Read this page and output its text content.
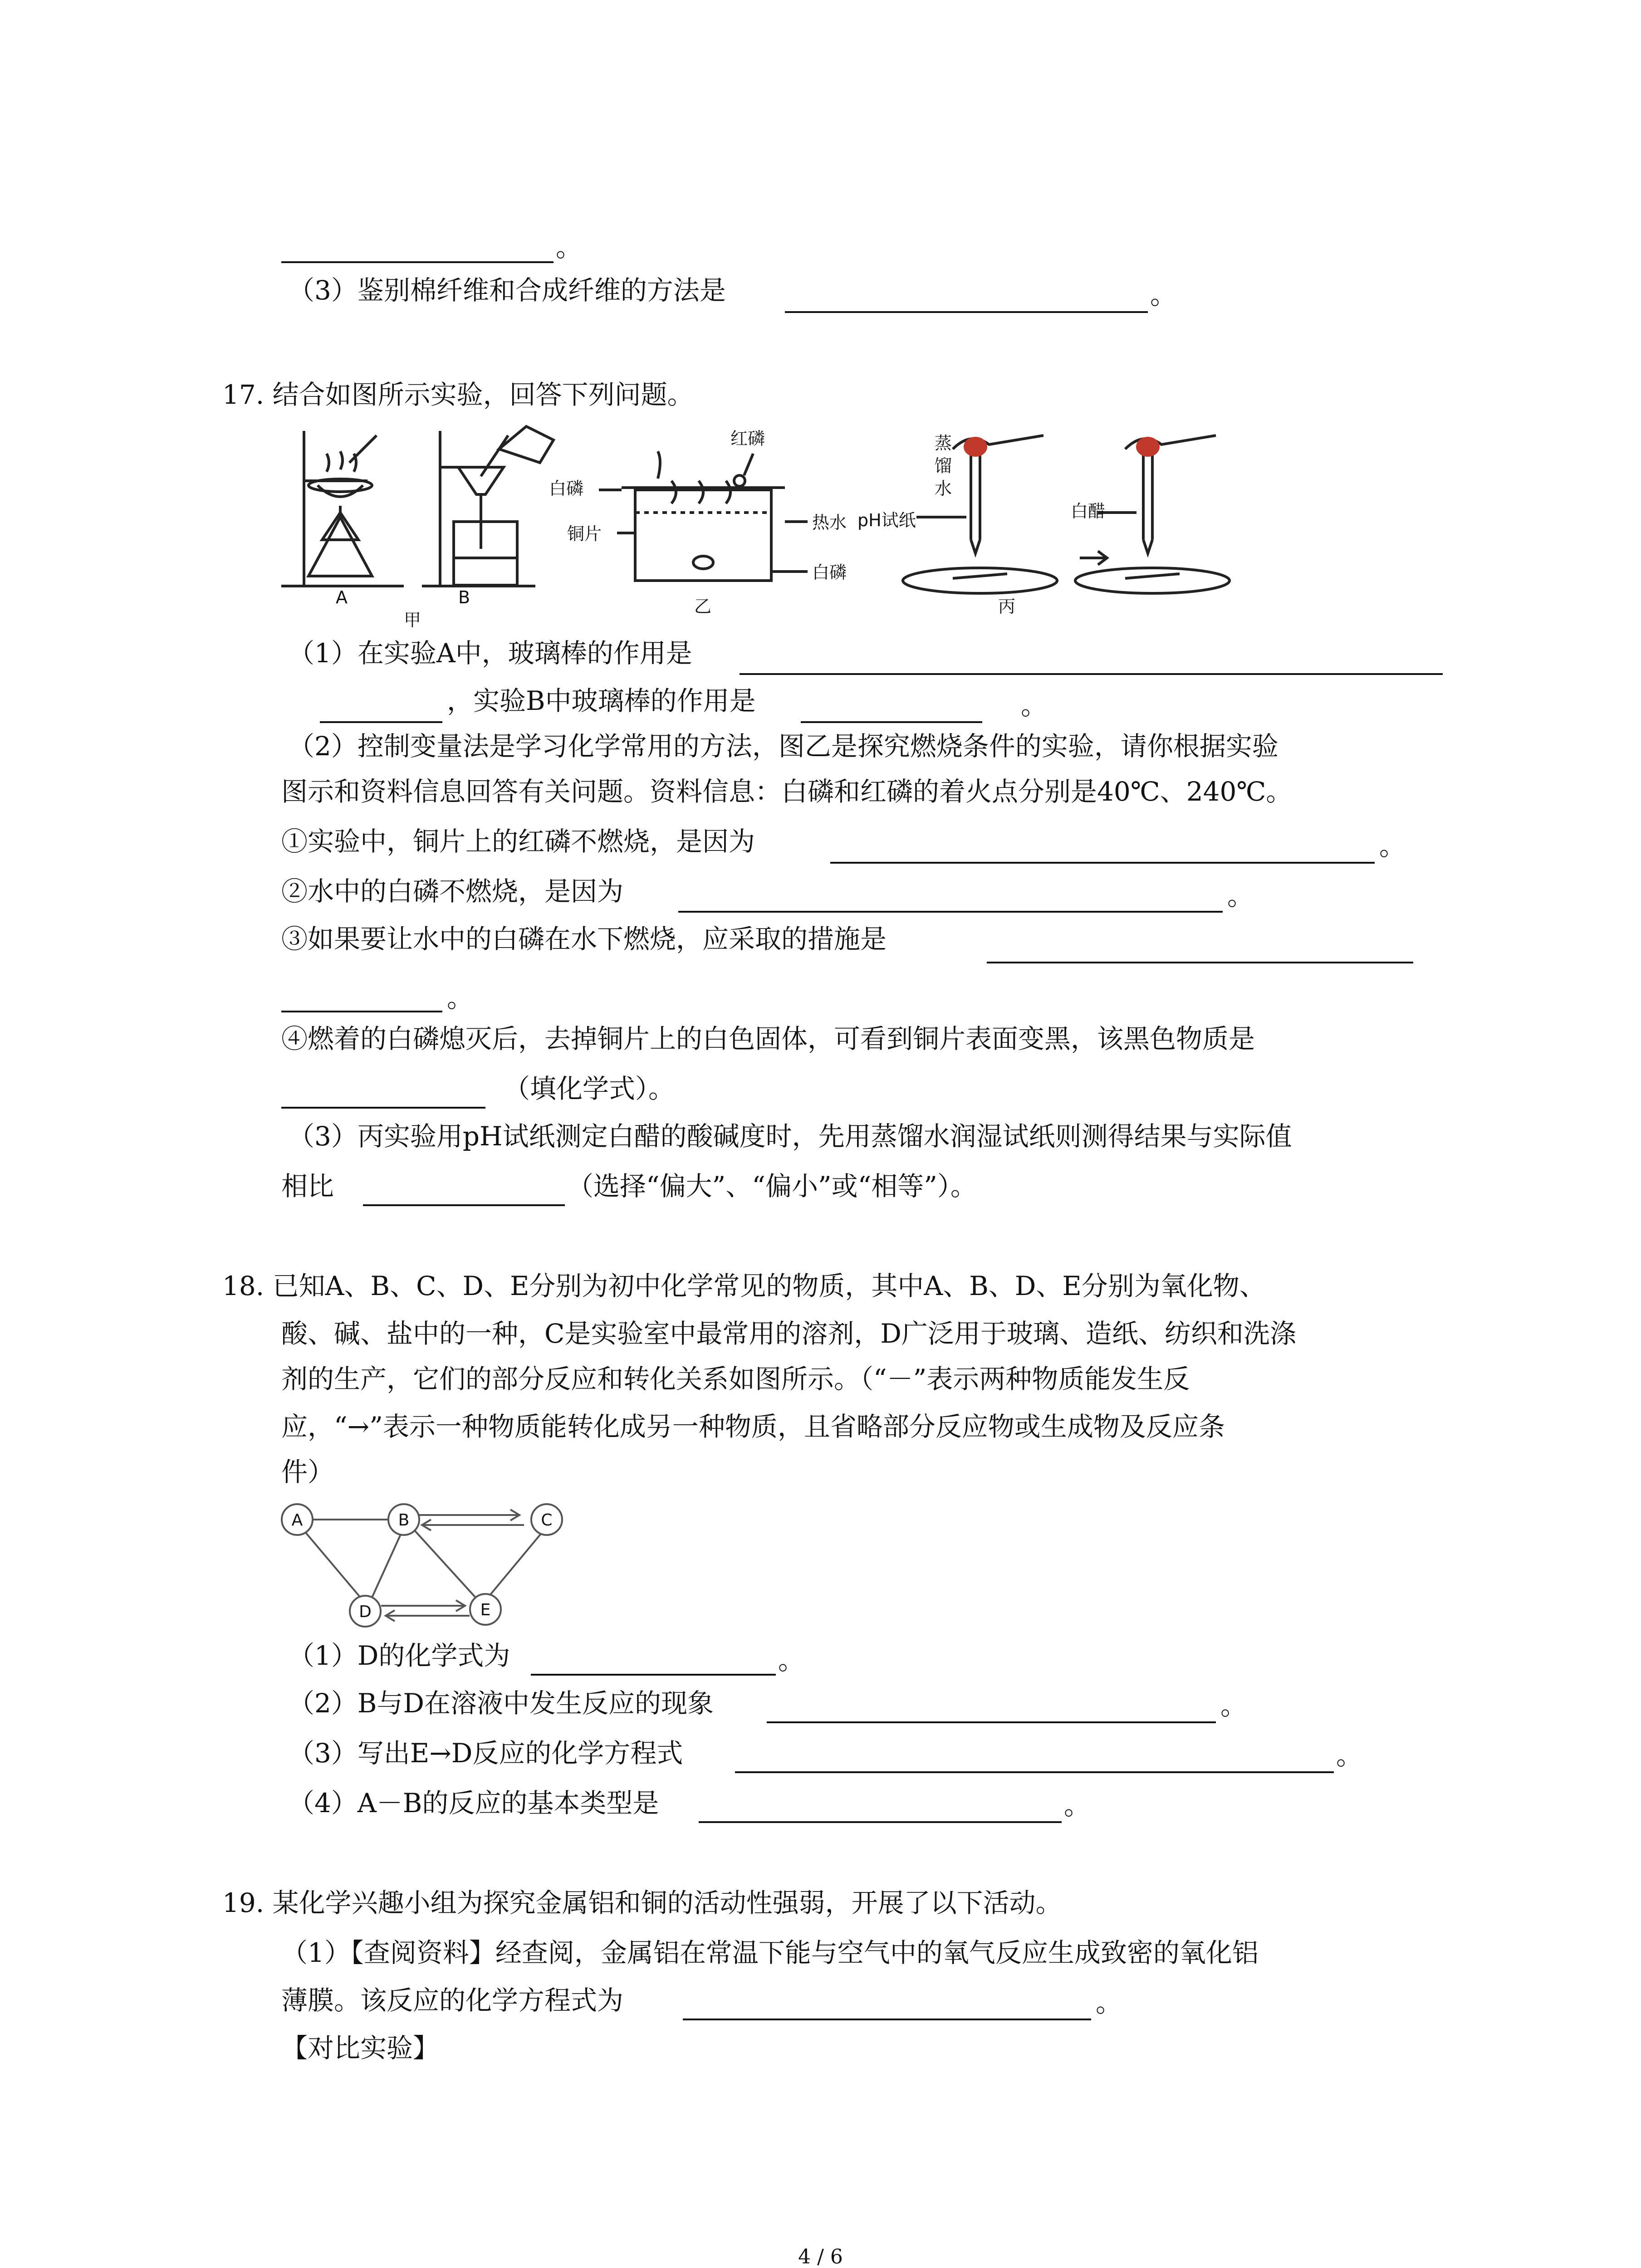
。
（3）鉴别棉纤维和合成纤维的方法是	。
17. 结合如图所示实验，回答下列问题。
A	B
甲
乙	丙
红磷
白磷
铜片
热水
白磷
蒸
馏
水
pH试纸	白醋
（1）在实验A中，玻璃棒的作用是
，实验B中玻璃棒的作用是	。
（2）控制变量法是学习化学常用的方法，图乙是探究燃烧条件的实验，请你根据实验
图示和资料信息回答有关问题。资料信息：白磷和红磷的着火点分别是40℃、240℃。
①实验中，铜片上的红磷不燃烧，是因为	。
②水中的白磷不燃烧，是因为	。
③如果要让水中的白磷在水下燃烧，应采取的措施是
。
④燃着的白磷熄灭后，去掉铜片上的白色固体，可看到铜片表面变黑，该黑色物质是
（填化学式）。
（3）丙实验用pH试纸测定白醋的酸碱度时，先用蒸馏水润湿试纸则测得结果与实际值
相比	（选择“偏大”、“偏小”或“相等”）。
18. 已知A、B、C、D、E分别为初中化学常见的物质，其中A、B、D、E分别为氧化物、
酸、碱、盐中的一种，C是实验室中最常用的溶剂，D广泛用于玻璃、造纸、纺织和洗涤
剂的生产，它们的部分反应和转化关系如图所示。（“－”表示两种物质能发生反
应，“→”表示一种物质能转化成另一种物质，且省略部分反应物或生成物及反应条
件）
A	B	C
D	E
（1）D的化学式为	。
（2）B与D在溶液中发生反应的现象	。
（3）写出E→D反应的化学方程式	。
（4）A－B的反应的基本类型是	。
19. 某化学兴趣小组为探究金属铝和铜的活动性强弱，开展了以下活动。
（1）【查阅资料】经查阅，金属铝在常温下能与空气中的氧气反应生成致密的氧化铝
薄膜。该反应的化学方程式为	。
【对比实验】
4 / 6
